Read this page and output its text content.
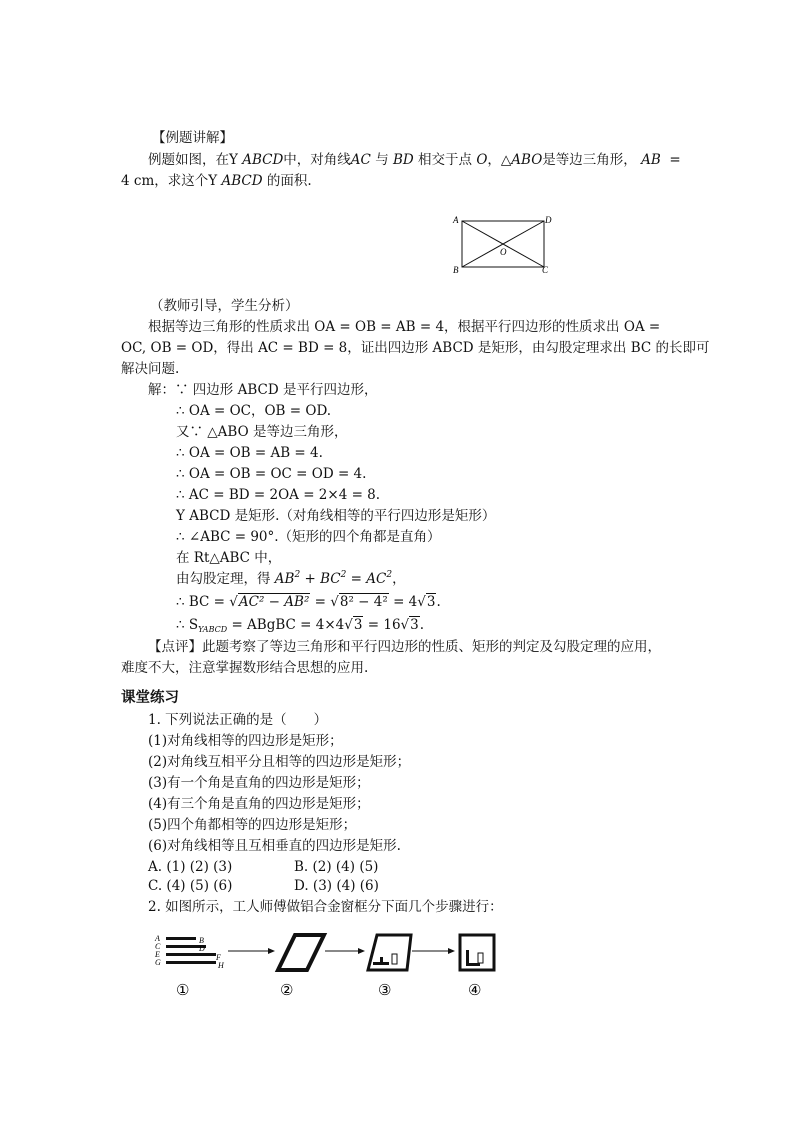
【例题讲解】
例题如图，在Y ABCD中，对角线AC 与 BD 相交于点 O，△ABO是等边三角形， AB =
4 cm，求这个Y ABCD 的面积.
A	D
B	C
O
（教师引导，学生分析）
根据等边三角形的性质求出 OA = OB = AB = 4，根据平行四边形的性质求出 OA =
OC, OB = OD，得出 AC = BD = 8，证出四边形 ABCD 是矩形，由勾股定理求出 BC 的长即可
解决问题.
解：∵ 四边形 ABCD 是平行四边形，
∴ OA = OC，OB = OD.
又∵ △ABO 是等边三角形，
∴ OA = OB = AB = 4.
∴ OA = OB = OC = OD = 4.
∴ AC = BD = 2OA = 2×4 = 8.
Y ABCD 是矩形.（对角线相等的平行四边形是矩形）
∴ ∠ABC = 90°.（矩形的四个角都是直角）
在 Rt△ABC 中，
由勾股定理，得 $AB^2 + BC^2 = AC^2$，
∴ BC = √AC² − AB² = √8² − 4² = 4√3.
∴ $S_{YABCD}$ = ABgBC = 4×4√3 = 16√3.
【点评】此题考察了等边三角形和平行四边形的性质、矩形的判定及勾股定理的应用，
难度不大，注意掌握数形结合思想的应用.
课堂练习
1. 下列说法正确的是（　　）
(1)对角线相等的四边形是矩形；
(2)对角线互相平分且相等的四边形是矩形；
(3)有一个角是直角的四边形是矩形；
(4)有三个角是直角的四边形是矩形；
(5)四个角都相等的四边形是矩形；
(6)对角线相等且互相垂直的四边形是矩形.
A. (1) (2) (3)	B. (2) (4) (5)
C. (4) (5) (6)	D. (3) (4) (6)
2. 如图所示，工人师傅做铝合金窗框分下面几个步骤进行：
A	B
C	D
E	F
G	H
①	②	③	④
